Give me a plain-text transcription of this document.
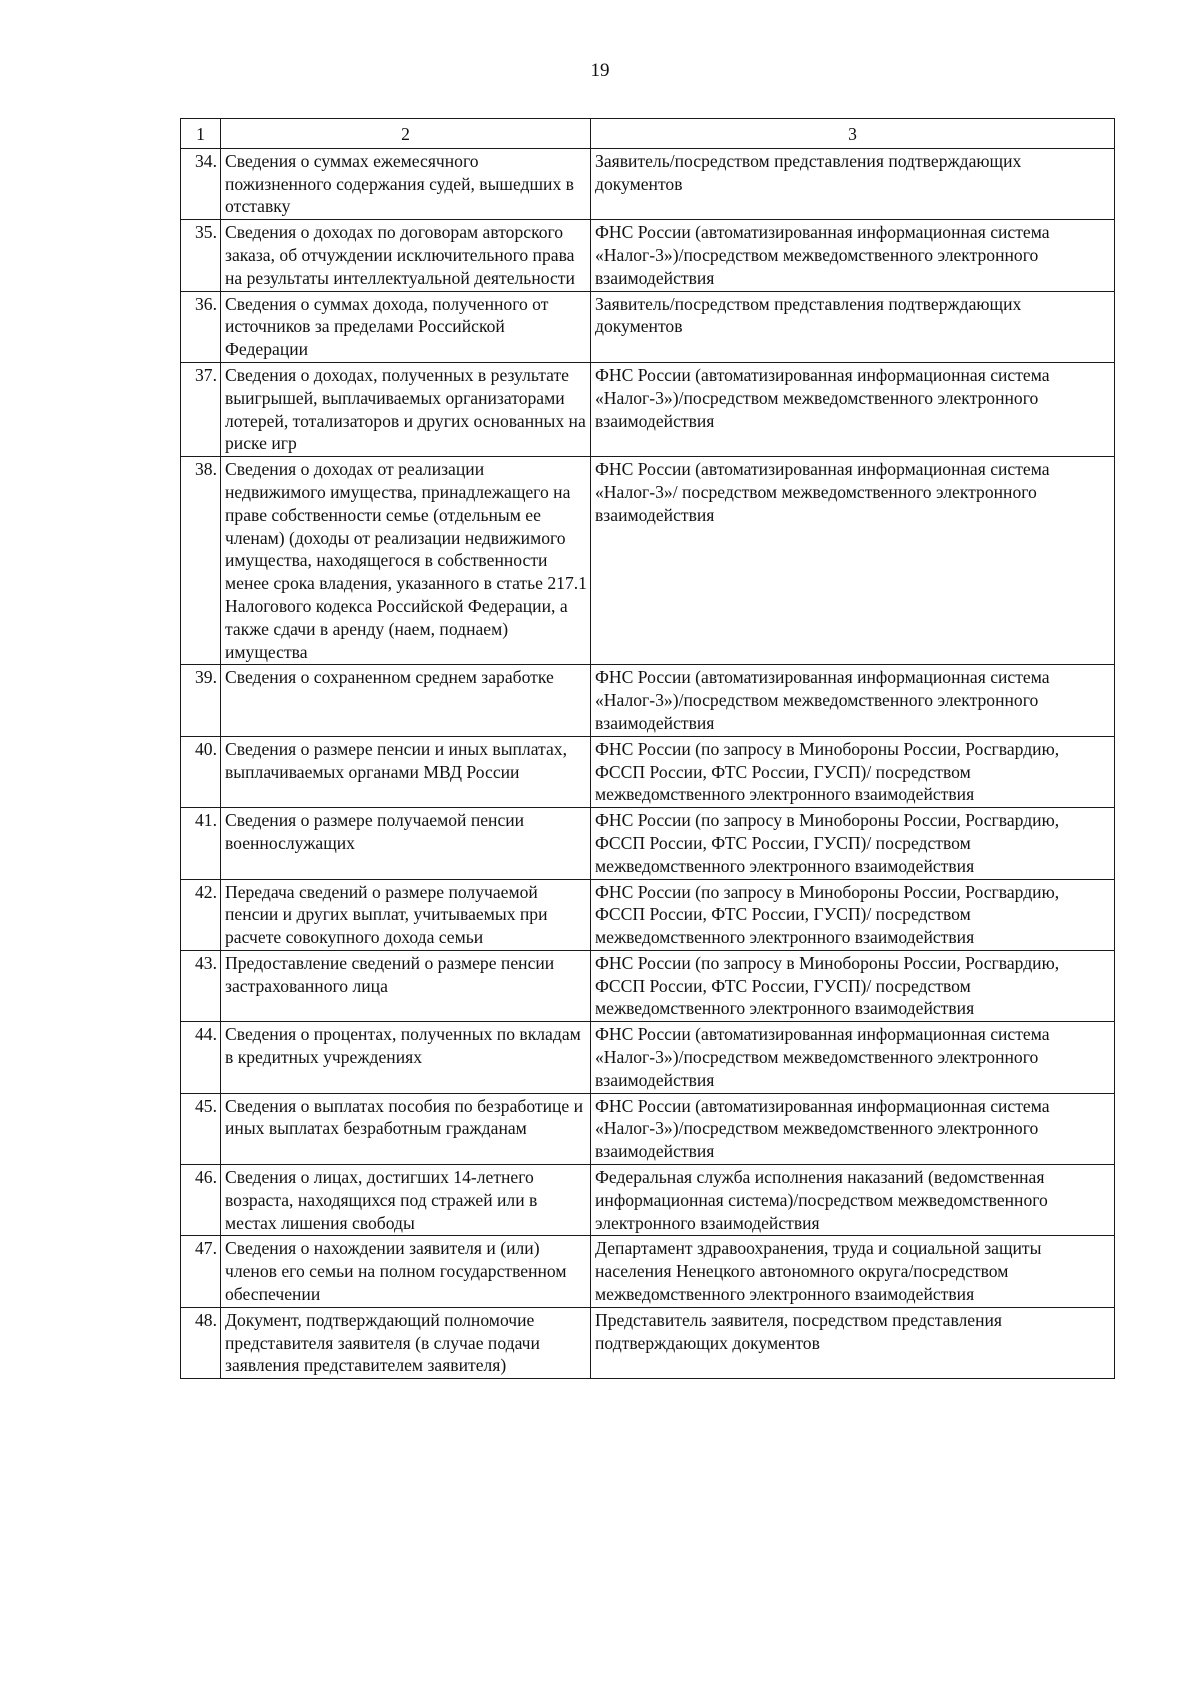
19
1	2	3
34.	Сведения о суммах ежемесячного пожизненного содержания судей, вышедших в отставку	Заявитель/посредством представления подтверждающих документов
35.	Сведения о доходах по договорам авторского заказа, об отчуждении исключительного права на результаты интеллектуальной деятельности	ФНС России (автоматизированная информационная система «Налог-3»)/посредством межведомственного электронного взаимодействия
36.	Сведения о суммах дохода, полученного от источников за пределами Российской Федерации	Заявитель/посредством представления подтверждающих документов
37.	Сведения о доходах, полученных в результате выигрышей, выплачиваемых организаторами лотерей, тотализаторов и других основанных на риске игр	ФНС России (автоматизированная информационная система «Налог-3»)/посредством межведомственного электронного взаимодействия
38.	Сведения о доходах от реализации недвижимого имущества, принадлежащего на праве собственности семье (отдельным ее членам) (доходы от реализации недвижимого имущества, находящегося в собственности менее срока владения, указанного в статье 217.1 Налогового кодекса Российской Федерации, а также сдачи в аренду (наем, поднаем) имущества	ФНС России (автоматизированная информационная система «Налог-3»/ посредством межведомственного электронного взаимодействия
39.	Сведения о сохраненном среднем заработке	ФНС России (автоматизированная информационная система «Налог-3»)/посредством межведомственного электронного взаимодействия
40.	Сведения о размере пенсии и иных выплатах, выплачиваемых органами МВД России	ФНС России (по запросу в Минобороны России, Росгвардию, ФССП России, ФТС России, ГУСП)/ посредством межведомственного электронного взаимодействия
41.	Сведения о размере получаемой пенсии военнослужащих	ФНС России (по запросу в Минобороны России, Росгвардию, ФССП России, ФТС России, ГУСП)/ посредством межведомственного электронного взаимодействия
42.	Передача сведений о размере получаемой пенсии и других выплат, учитываемых при расчете совокупного дохода семьи	ФНС России (по запросу в Минобороны России, Росгвардию, ФССП России, ФТС России, ГУСП)/ посредством межведомственного электронного взаимодействия
43.	Предоставление сведений о размере пенсии застрахованного лица	ФНС России (по запросу в Минобороны России, Росгвардию, ФССП России, ФТС России, ГУСП)/ посредством межведомственного электронного взаимодействия
44.	Сведения о процентах, полученных по вкладам в кредитных учреждениях	ФНС России (автоматизированная информационная система «Налог-3»)/посредством межведомственного электронного взаимодействия
45.	Сведения о выплатах пособия по безработице и иных выплатах безработным гражданам	ФНС России (автоматизированная информационная система «Налог-3»)/посредством межведомственного электронного взаимодействия
46.	Сведения о лицах, достигших 14-летнего возраста, находящихся под стражей или в местах лишения свободы	Федеральная служба исполнения наказаний (ведомственная информационная система)/посредством межведомственного электронного взаимодействия
47.	Сведения о нахождении заявителя и (или) членов его семьи на полном государственном обеспечении	Департамент здравоохранения, труда и социальной защиты населения Ненецкого автономного округа/посредством межведомственного электронного взаимодействия
48.	Документ, подтверждающий полномочие представителя заявителя (в случае подачи заявления представителем заявителя)	Представитель заявителя, посредством представления подтверждающих документов
